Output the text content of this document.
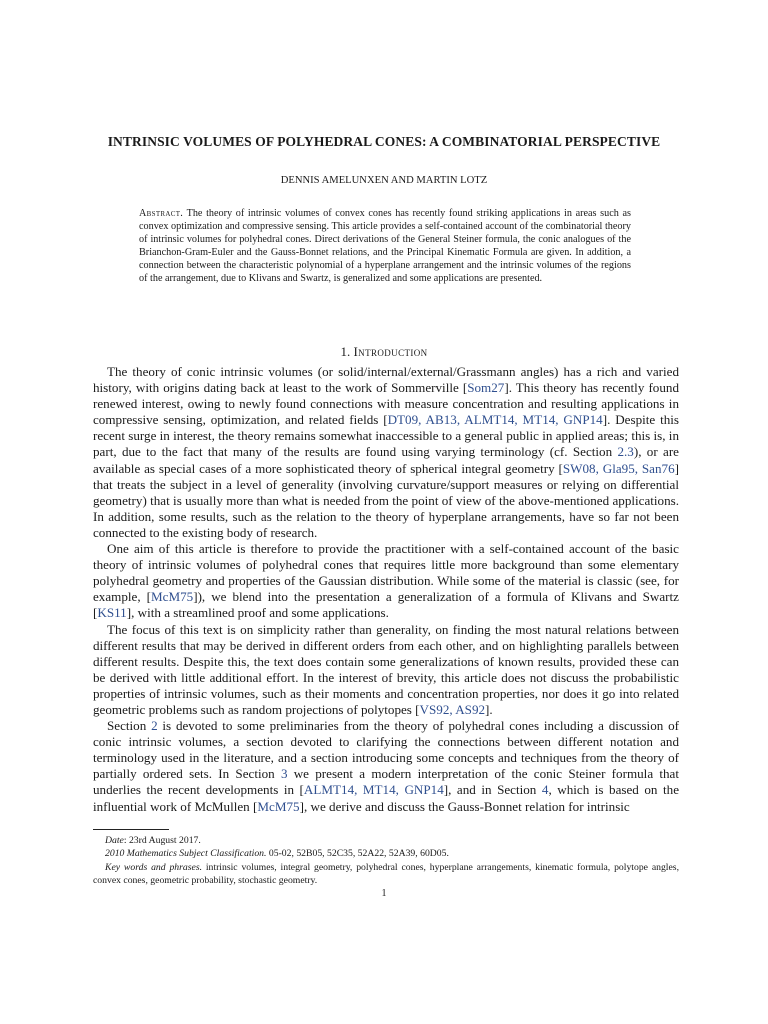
INTRINSIC VOLUMES OF POLYHEDRAL CONES: A COMBINATORIAL PERSPECTIVE
DENNIS AMELUNXEN AND MARTIN LOTZ
Abstract. The theory of intrinsic volumes of convex cones has recently found striking applications in areas such as convex optimization and compressive sensing. This article provides a self-contained account of the combinatorial theory of intrinsic volumes for polyhedral cones. Direct derivations of the General Steiner formula, the conic analogues of the Brianchon-Gram-Euler and the Gauss-Bonnet relations, and the Principal Kinematic Formula are given. In addition, a connection between the characteristic polynomial of a hyperplane arrangement and the intrinsic volumes of the regions of the arrangement, due to Klivans and Swartz, is generalized and some applications are presented.
1. Introduction

The theory of conic intrinsic volumes (or solid/internal/external/Grassmann angles) has a rich and varied history, with origins dating back at least to the work of Sommerville [Som27]. This theory has recently found renewed interest, owing to newly found connections with measure concentration and resulting applications in compressive sensing, optimization, and related fields [DT09, AB13, ALMT14, MT14, GNP14]. Despite this recent surge in interest, the theory remains somewhat inaccessible to a general public in applied areas; this is, in part, due to the fact that many of the results are found using varying terminology (cf. Section 2.3), or are available as special cases of a more sophisticated theory of spherical integral geometry [SW08, Gla95, San76] that treats the subject in a level of generality (involving curvature/support measures or relying on differential geometry) that is usually more than what is needed from the point of view of the above-mentioned applications. In addition, some results, such as the relation to the theory of hyperplane arrangements, have so far not been connected to the existing body of research.

One aim of this article is therefore to provide the practitioner with a self-contained account of the basic theory of intrinsic volumes of polyhedral cones that requires little more background than some elementary polyhedral geometry and properties of the Gaussian distribution. While some of the material is classic (see, for example, [McM75]), we blend into the presentation a generalization of a formula of Klivans and Swartz [KS11], with a streamlined proof and some applications.

The focus of this text is on simplicity rather than generality, on finding the most natural relations between different results that may be derived in different orders from each other, and on highlighting parallels between different results. Despite this, the text does contain some generalizations of known results, provided these can be derived with little additional effort. In the interest of brevity, this article does not discuss the probabilistic properties of intrinsic volumes, such as their moments and concentration properties, nor does it go into related geometric problems such as random projections of polytopes [VS92, AS92].

Section 2 is devoted to some preliminaries from the theory of polyhedral cones including a discussion of conic intrinsic volumes, a section devoted to clarifying the connections between different notation and terminology used in the literature, and a section introducing some concepts and techniques from the theory of partially ordered sets. In Section 3 we present a modern interpretation of the conic Steiner formula that underlies the recent developments in [ALMT14, MT14, GNP14], and in Section 4, which is based on the influential work of McMullen [McM75], we derive and discuss the Gauss-Bonnet relation for intrinsic

Date: 23rd August 2017.

2010 Mathematics Subject Classification. 05-02, 52B05, 52C35, 52A22, 52A39, 60D05.

Key words and phrases. intrinsic volumes, integral geometry, polyhedral cones, hyperplane arrangements, kinematic formula, polytope angles, convex cones, geometric probability, stochastic geometry.

1
